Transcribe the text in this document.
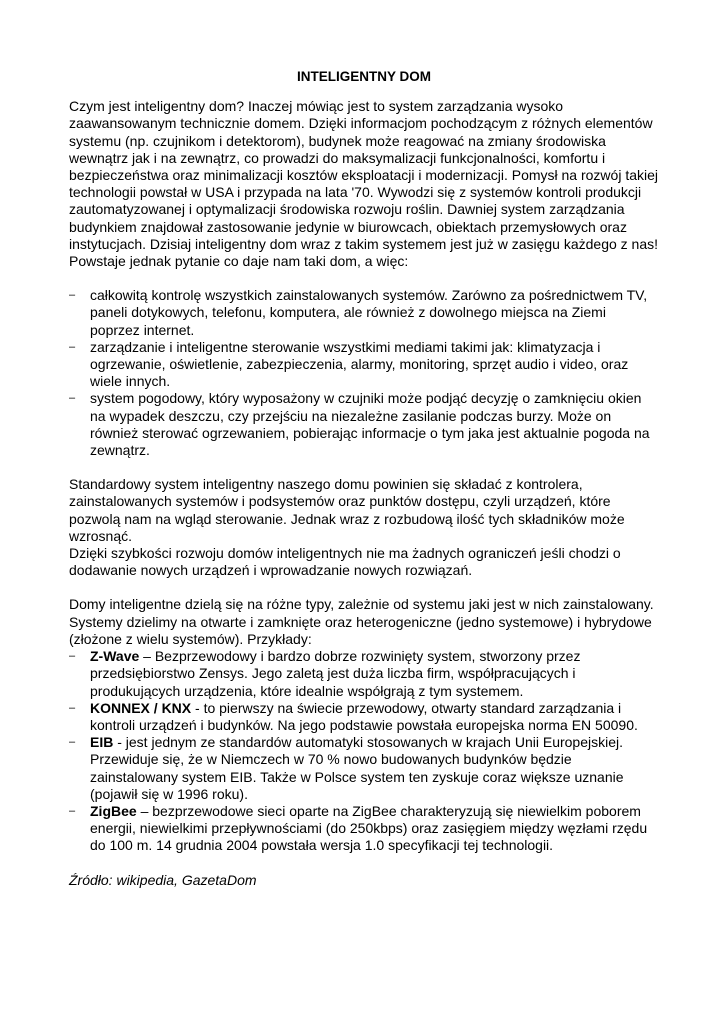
INTELIGENTNY DOM

Czym jest inteligentny dom? Inaczej mówiąc jest to system zarządzania wysoko zaawansowanym technicznie domem. Dzięki informacjom pochodzącym z różnych elementów systemu (np. czujnikom i detektorom), budynek może reagować na zmiany środowiska wewnątrz jak i na zewnątrz, co prowadzi do maksymalizacji funkcjonalności, komfortu i bezpieczeństwa oraz minimalizacji kosztów eksploatacji i modernizacji. Pomysł na rozwój takiej technologii powstał w USA i przypada na lata '70. Wywodzi się z systemów kontroli produkcji zautomatyzowanej i optymalizacji środowiska rozwoju roślin. Dawniej system zarządzania budynkiem znajdował zastosowanie jedynie w biurowcach, obiektach przemysłowych oraz instytucjach. Dzisiaj inteligentny dom wraz z takim systemem jest już w zasięgu każdego z nas! Powstaje jednak pytanie co daje nam taki dom, a więc:

– całkowitą kontrolę wszystkich zainstalowanych systemów. Zarówno za pośrednictwem TV, paneli dotykowych, telefonu, komputera, ale również z dowolnego miejsca na Ziemi poprzez internet.
– zarządzanie i inteligentne sterowanie wszystkimi mediami takimi jak: klimatyzacja i ogrzewanie, oświetlenie, zabezpieczenia, alarmy, monitoring, sprzęt audio i video, oraz wiele innych.
– system pogodowy, który wyposażony w czujniki może podjąć decyzję o zamknięciu okien na wypadek deszczu, czy przejściu na niezależne zasilanie podczas burzy. Może on również sterować ogrzewaniem, pobierając informacje o tym jaka jest aktualnie pogoda na zewnątrz.

Standardowy system inteligentny naszego domu powinien się składać z kontrolera, zainstalowanych systemów i podsystemów oraz punktów dostępu, czyli urządzeń, które pozwolą nam na wgląd sterowanie. Jednak wraz z rozbudową ilość tych składników może wzrosnąć.

Dzięki szybkości rozwoju domów inteligentnych nie ma żadnych ograniczeń jeśli chodzi o dodawanie nowych urządzeń i wprowadzanie nowych rozwiązań.

Domy inteligentne dzielą się na różne typy, zależnie od systemu jaki jest w nich zainstalowany. Systemy dzielimy na otwarte i zamknięte oraz heterogeniczne (jedno systemowe) i hybrydowe (złożone z wielu systemów). Przykłady:

– Z-Wave – Bezprzewodowy i bardzo dobrze rozwinięty system, stworzony przez przedsiębiorstwo Zensys. Jego zaletą jest duża liczba firm, współpracujących i produkujących urządzenia, które idealnie współgrają z tym systemem.
– KONNEX / KNX - to pierwszy na świecie przewodowy, otwarty standard zarządzania i kontroli urządzeń i budynków. Na jego podstawie powstała europejska norma EN 50090.
– EIB - jest jednym ze standardów automatyki stosowanych w krajach Unii Europejskiej. Przewiduje się, że w Niemczech w 70 % nowo budowanych budynków będzie zainstalowany system EIB. Także w Polsce system ten zyskuje coraz większe uznanie (pojawił się w 1996 roku).
– ZigBee – bezprzewodowe sieci oparte na ZigBee charakteryzują się niewielkim poborem energii, niewielkimi przepływnościami (do 250kbps) oraz zasięgiem między węzłami rzędu do 100 m. 14 grudnia 2004 powstała wersja 1.0 specyfikacji tej technologii.

Źródło: wikipedia, GazetaDom
